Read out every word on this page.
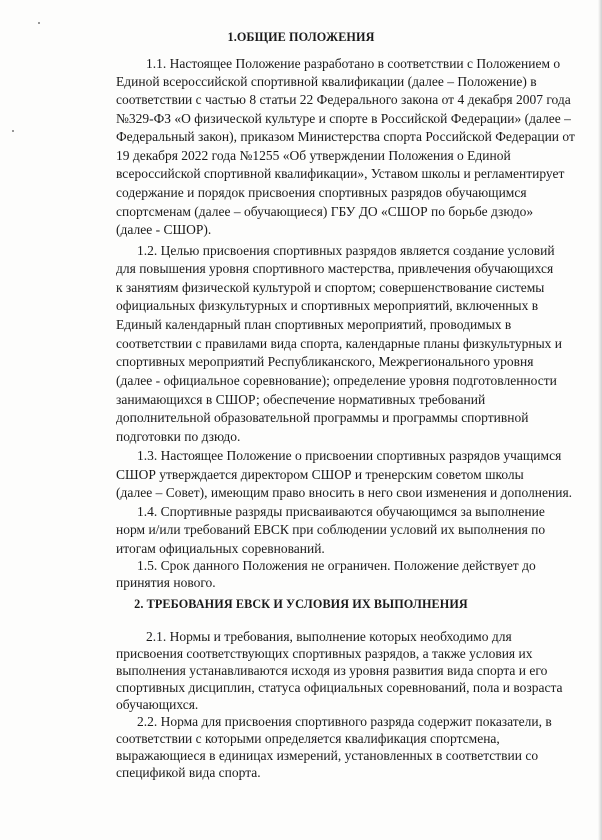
1.ОБЩИЕ ПОЛОЖЕНИЯ
1.1. Настоящее Положение разработано в соответствии с Положением о
Единой всероссийской спортивной квалификации (далее – Положение) в
соответствии с частью 8 статьи 22 Федерального закона от 4 декабря 2007 года
№329-ФЗ «О физической культуре и спорте в Российской Федерации» (далее –
Федеральный закон), приказом Министерства спорта Российской Федерации от
19 декабря 2022 года №1255 «Об утверждении Положения о Единой
всероссийской спортивной квалификации», Уставом школы и регламентирует
содержание и порядок присвоения спортивных разрядов обучающимся
спортсменам (далее – обучающиеся) ГБУ ДО «СШОР по борьбе дзюдо»
(далее - СШОР).
1.2. Целью присвоения спортивных разрядов является создание условий
для повышения уровня спортивного мастерства, привлечения обучающихся
к занятиям физической культурой и спортом; совершенствование системы
официальных физкультурных и спортивных мероприятий, включенных в
Единый календарный план спортивных мероприятий, проводимых в
соответствии с правилами вида спорта, календарные планы физкультурных и
спортивных мероприятий Республиканского, Межрегионального уровня
(далее - официальное соревнование); определение уровня подготовленности
занимающихся в СШОР; обеспечение нормативных требований
дополнительной образовательной программы и программы спортивной
подготовки по дзюдо.
1.3. Настоящее Положение о присвоении спортивных разрядов учащимся
СШОР утверждается директором СШОР и тренерским советом школы
(далее – Совет), имеющим право вносить в него свои изменения и дополнения.
1.4. Спортивные разряды присваиваются обучающимся за выполнение
норм и/или требований ЕВСК при соблюдении условий их выполнения по
итогам официальных соревнований.
1.5. Срок данного Положения не ограничен. Положение действует до
принятия нового.
2. ТРЕБОВАНИЯ ЕВСК И УСЛОВИЯ ИХ ВЫПОЛНЕНИЯ
2.1. Нормы и требования, выполнение которых необходимо для
присвоения соответствующих спортивных разрядов, а также условия их
выполнения устанавливаются исходя из уровня развития вида спорта и его
спортивных дисциплин, статуса официальных соревнований, пола и возраста
обучающихся.
2.2. Норма для присвоения спортивного разряда содержит показатели, в
соответствии с которыми определяется квалификация спортсмена,
выражающиеся в единицах измерений, установленных в соответствии со
спецификой вида спорта.
